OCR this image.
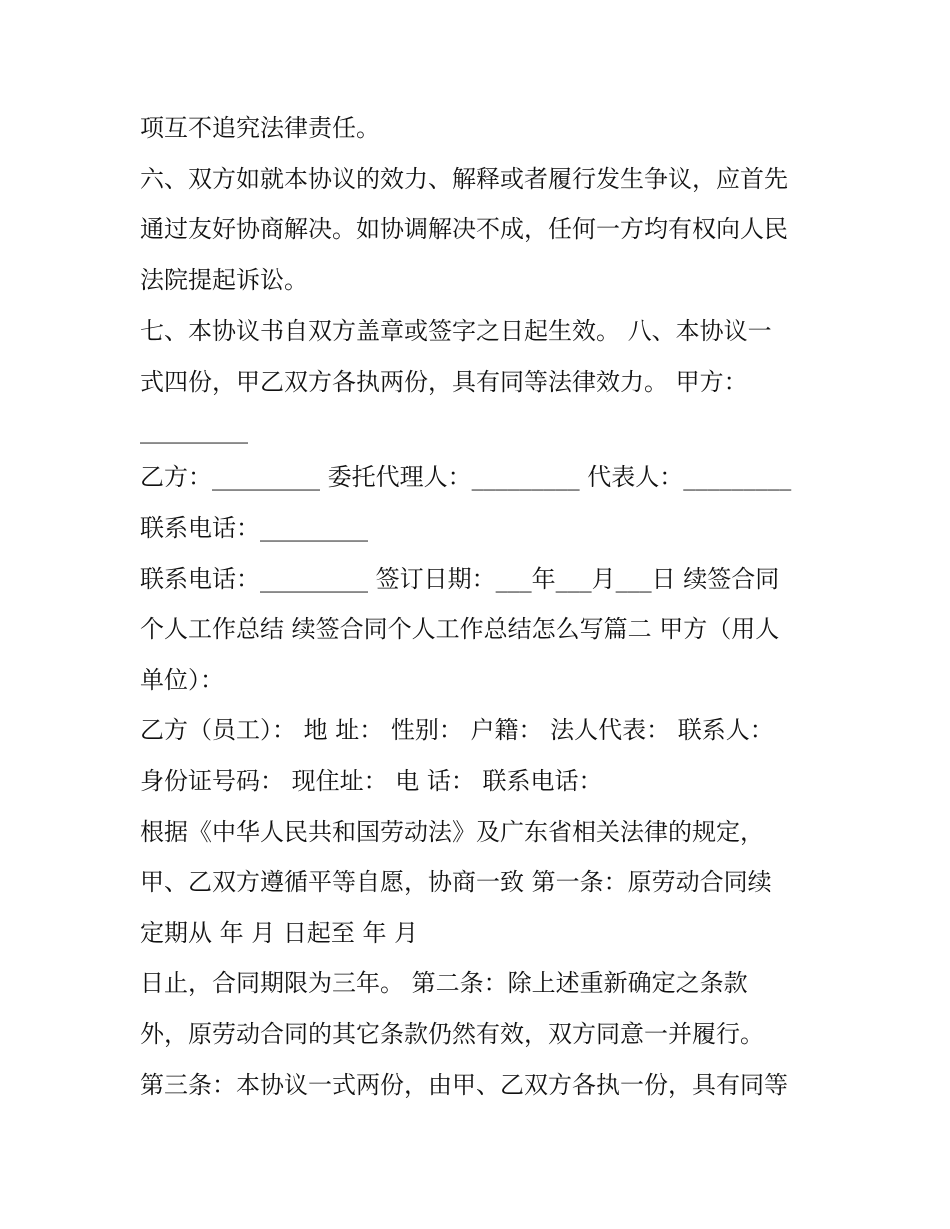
项互不追究法律责任。
六、双方如就本协议的效力、解释或者履行发生争议，应首先
通过友好协商解决。如协调解决不成，任何一方均有权向人民
法院提起诉讼。
七、本协议书自双方盖章或签字之日起生效。 八、本协议一
式四份，甲乙双方各执两份，具有同等法律效力。 甲方：
_________
乙方：_________ 委托代理人：_________ 代表人：_________
联系电话：_________
联系电话：_________ 签订日期：___年___月___日 续签合同
个人工作总结 续签合同个人工作总结怎么写篇二 甲方（用人
单位）：
乙方（员工）： 地 址： 性别： 户籍： 法人代表： 联系人：
身份证号码： 现住址： 电 话： 联系电话：
根据《中华人民共和国劳动法》及广东省相关法律的规定，
甲、乙双方遵循平等自愿，协商一致 第一条：原劳动合同续
定期从 年 月 日起至 年 月
日止，合同期限为三年。 第二条：除上述重新确定之条款
外，原劳动合同的其它条款仍然有效，双方同意一并履行。
第三条：本协议一式两份，由甲、乙双方各执一份，具有同等
